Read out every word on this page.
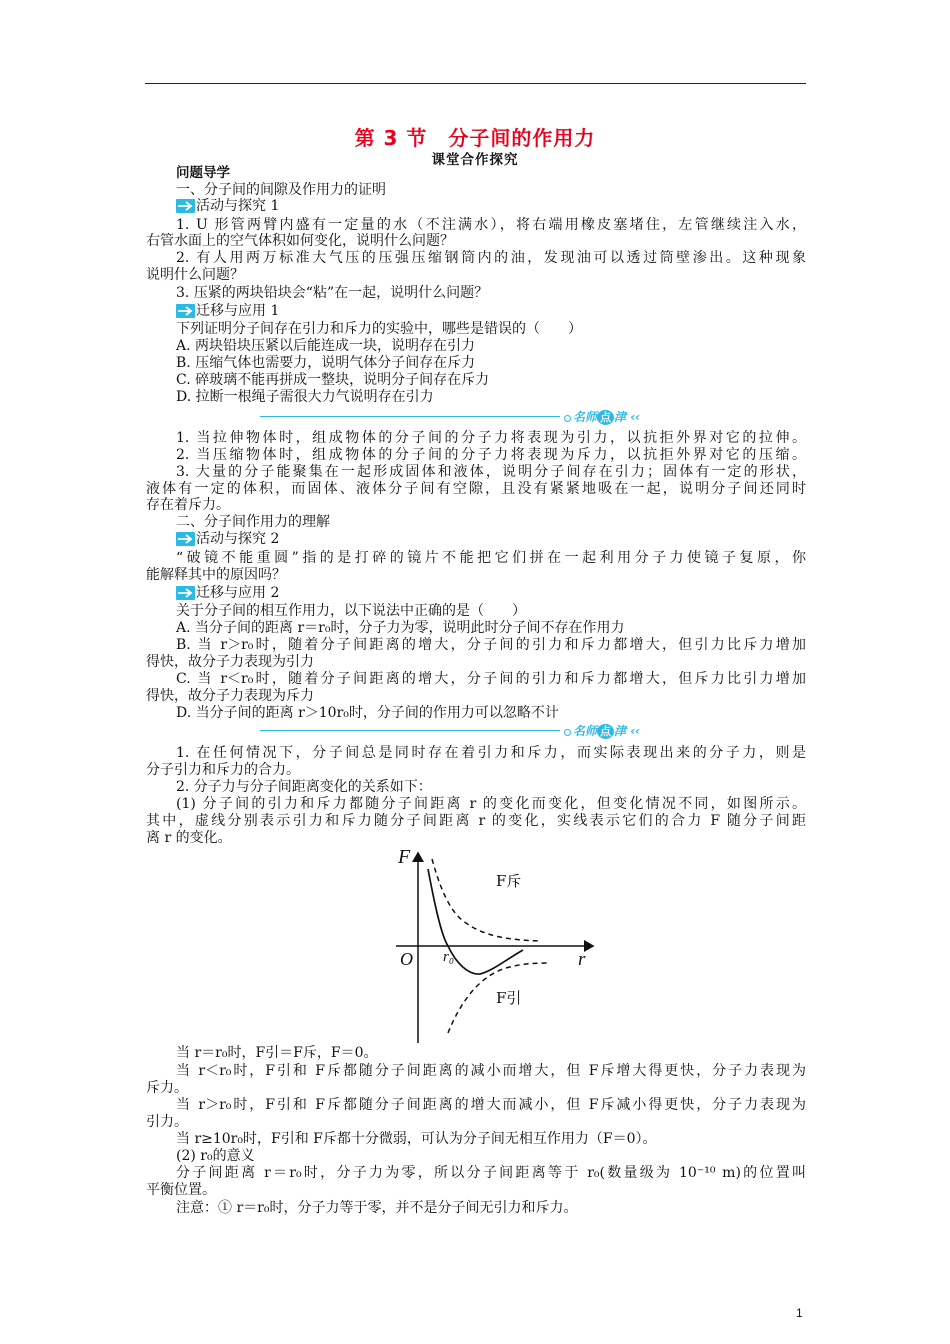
第 3 节　分子间的作用力
课堂合作探究
问题导学
一、分子间的间隙及作用力的证明
活动与探究 1
1. U 形管两臂内盛有一定量的水（不注满水），将右端用橡皮塞堵住，左管继续注入水，
右管水面上的空气体积如何变化，说明什么问题？
2. 有人用两万标准大气压的压强压缩钢筒内的油，发现油可以透过筒壁渗出。这种现象
说明什么问题？
3. 压紧的两块铅块会“粘”在一起，说明什么问题？
迁移与应用 1
下列证明分子间存在引力和斥力的实验中，哪些是错误的（　　）
A. 两块铅块压紧以后能连成一块，说明存在引力
B. 压缩气体也需要力，说明气体分子间存在斥力
C. 碎玻璃不能再拼成一整块，说明分子间存在斥力
D. 拉断一根绳子需很大力气说明存在引力
名师 点 津 ‹‹
1. 当拉伸物体时，组成物体的分子间的分子力将表现为引力，以抗拒外界对它的拉伸。
2. 当压缩物体时，组成物体的分子间的分子力将表现为斥力，以抗拒外界对它的压缩。
3. 大量的分子能聚集在一起形成固体和液体，说明分子间存在引力；固体有一定的形状，
液体有一定的体积，而固体、液体分子间有空隙，且没有紧紧地吸在一起，说明分子间还同时
存在着斥力。
二、分子间作用力的理解
活动与探究 2
“破镜不能重圆”指的是打碎的镜片不能把它们拼在一起利用分子力使镜子复原，你
能解释其中的原因吗？
迁移与应用 2
关于分子间的相互作用力，以下说法中正确的是（　　）
A. 当分子间的距离 r＝r₀时，分子力为零，说明此时分子间不存在作用力
B. 当 r＞r₀时，随着分子间距离的增大，分子间的引力和斥力都增大，但引力比斥力增加
得快，故分子力表现为引力
C. 当 r＜r₀时，随着分子间距离的增大，分子间的引力和斥力都增大，但斥力比引力增加
得快，故分子力表现为斥力
D. 当分子间的距离 r＞10r₀时，分子间的作用力可以忽略不计
名师 点 津 ‹‹
1. 在任何情况下，分子间总是同时存在着引力和斥力，而实际表现出来的分子力，则是
分子引力和斥力的合力。
2. 分子力与分子间距离变化的关系如下：
(1) 分子间的引力和斥力都随分子间距离 r 的变化而变化，但变化情况不同，如图所示。
其中，虚线分别表示引力和斥力随分子间距离 r 的变化，实线表示它们的合力 F 随分子间距
离 r 的变化。
F
r
O r₀
F斥
F引
当 r＝r₀时，F引＝F斥，F＝0。
当 r＜r₀时，F引和 F斥都随分子间距离的减小而增大，但 F斥增大得更快，分子力表现为
斥力。
当 r＞r₀时，F引和 F斥都随分子间距离的增大而减小，但 F斥减小得更快，分子力表现为
引力。
当 r≥10r₀时，F引和 F斥都十分微弱，可认为分子间无相互作用力（F＝0）。
(2) r₀的意义
分子间距离 r＝r₀时，分子力为零，所以分子间距离等于 r₀(数量级为 10⁻¹⁰ m)的位置叫
平衡位置。
注意：① r＝r₀时，分子力等于零，并不是分子间无引力和斥力。
1
